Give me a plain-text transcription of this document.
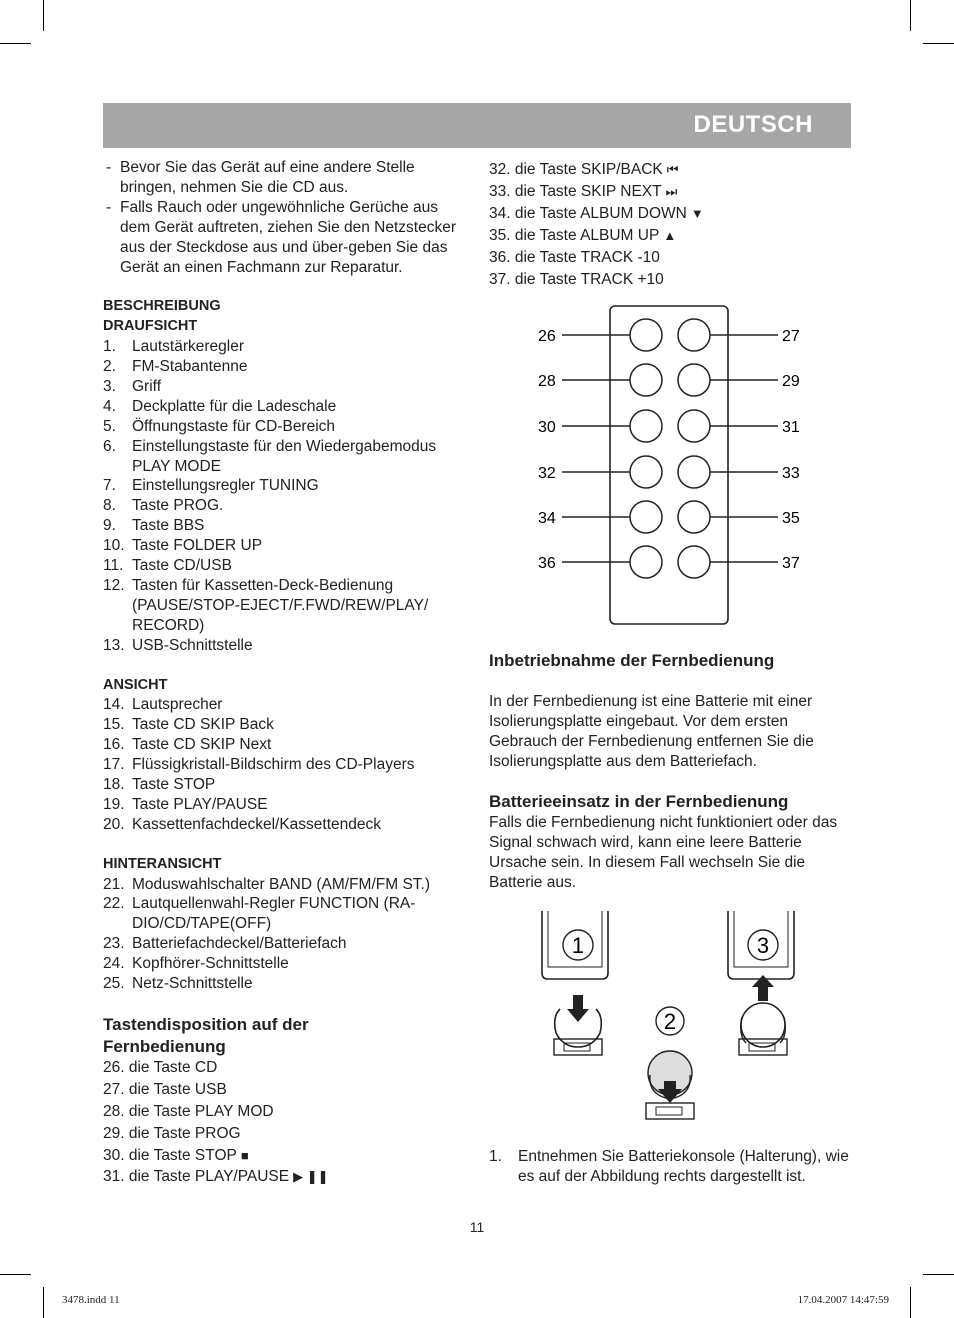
DEUTSCH

- Bevor Sie das Gerät auf eine andere Stelle bringen, nehmen Sie die CD aus.

- Falls Rauch oder ungewöhnliche Gerüche aus dem Gerät auftreten, ziehen Sie den Netzstecker aus der Steckdose aus und über-geben Sie das Gerät an einen Fachmann zur Reparatur.

BESCHREIBUNG

DRAUFSICHT

1. Lautstärkeregler

2. FM-Stabantenne

3. Griff

4. Deckplatte für die Ladeschale

5. Öffnungstaste für CD-Bereich

6. Einstellungstaste für den Wiedergabemodus PLAY MODE

7. Einstellungsregler TUNING

8. Taste PROG.

9. Taste BBS

10. Taste FOLDER UP

11. Taste CD/USB

12. Tasten für Kassetten-Deck-Bedienung (PAUSE/STOP-EJECT/F.FWD/REW/PLAY/ RECORD)

13. USB-Schnittstelle

ANSICHT

14. Lautsprecher

15. Taste CD SKIP Back

16. Taste CD SKIP Next

17. Flüssigkristall-Bildschirm des CD-Players

18. Taste STOP

19. Taste PLAY/PAUSE

20. Kassettenfachdeckel/Kassettendeck

HINTERANSICHT

21. Moduswahlschalter BAND (AM/FM/FM ST.)

22. Lautquellenwahl-Regler FUNCTION (RA-DIO/CD/TAPE(OFF)

23. Batteriefachdeckel/Batteriefach

24. Kopfhörer-Schnittstelle

25. Netz-Schnittstelle

Tastendisposition auf der Fernbedienung

26. die Taste CD

27. die Taste USB

28. die Taste PLAY MOD

29. die Taste PROG

30. die Taste STOP ■

31. die Taste PLAY/PAUSE ▶ ❚❚

32. die Taste SKIP/BACK ⏮

33. die Taste SKIP NEXT ⏭

34. die Taste ALBUM DOWN ▼

35. die Taste ALBUM UP ▲

36. die Taste TRACK -10

37. die Taste TRACK +10

26	27
28	29
30	31
32	33
34	35
36	37

Inbetriebnahme der Fernbedienung

In der Fernbedienung ist eine Batterie mit einer Isolierungsplatte eingebaut. Vor dem ersten Gebrauch der Fernbedienung entfernen Sie die Isolierungsplatte aus dem Batteriefach.

Batterieeinsatz in der Fernbedienung

Falls die Fernbedienung nicht funktioniert oder das Signal schwach wird, kann eine leere Batterie Ursache sein. In diesem Fall wechseln Sie die Batterie aus.

1
2
3

1. Entnehmen Sie Batteriekonsole (Halterung), wie es auf der Abbildung rechts dargestellt ist.

11
3478.indd 11	17.04.2007 14:47:59
